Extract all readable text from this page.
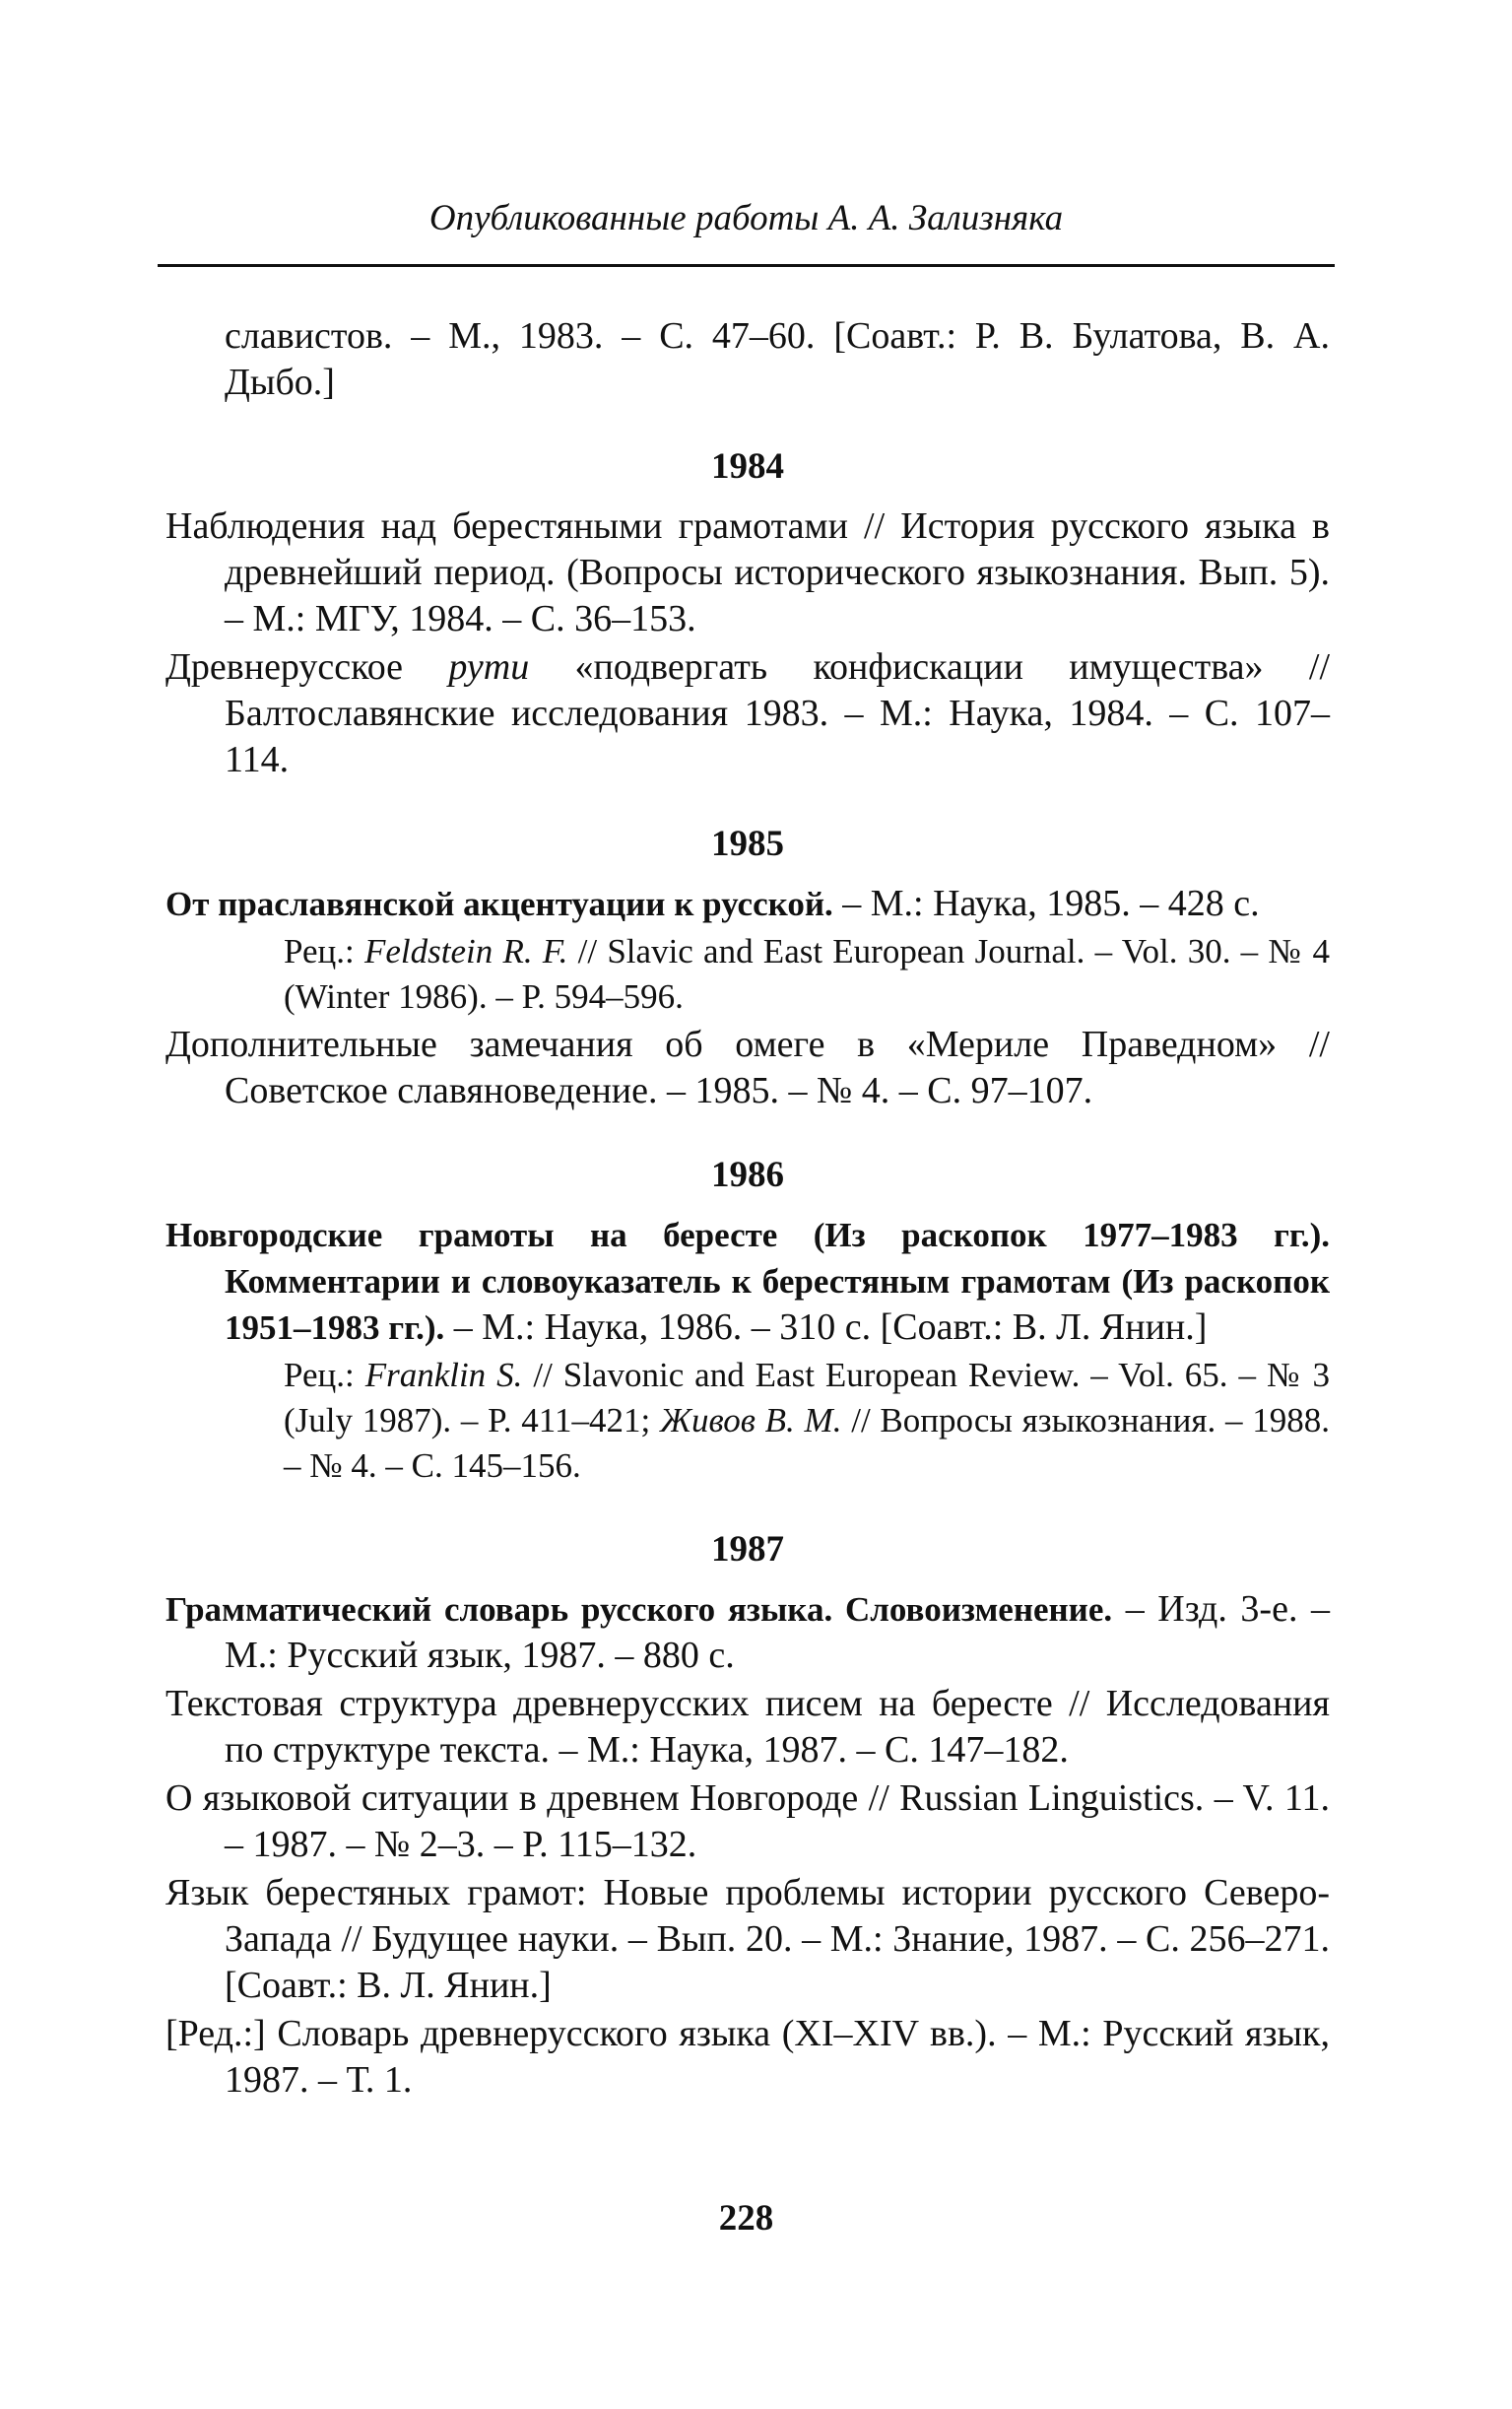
Опубликованные работы А. А. Зализняка
славистов. – М., 1983. – С. 47–60. [Соавт.: Р. В. Булатова, В. А. Дыбо.]
1984
Наблюдения над берестяными грамотами // История русского языка в древнейший период. (Вопросы исторического языкознания. Вып. 5). – М.: МГУ, 1984. – С. 36–153.
Древнерусское рути «подвергать конфискации имущества» // Балтославянские исследования 1983. – М.: Наука, 1984. – С. 107–114.
1985
От праславянской акцентуации к русской. – М.: Наука, 1985. – 428 с.
Рец.: Feldstein R. F. // Slavic and East European Journal. – Vol. 30. – № 4 (Winter 1986). – P. 594–596.
Дополнительные замечания об омеге в «Мериле Праведном» // Советское славяноведение. – 1985. – № 4. – С. 97–107.
1986
Новгородские грамоты на бересте (Из раскопок 1977–1983 гг.). Комментарии и словоуказатель к берестяным грамотам (Из раскопок 1951–1983 гг.). – М.: Наука, 1986. – 310 с. [Соавт.: В. Л. Янин.]
Рец.: Franklin S. // Slavonic and East European Review. – Vol. 65. – № 3 (July 1987). – P. 411–421; Живов В. М. // Вопросы языкознания. – 1988. – № 4. – С. 145–156.
1987
Грамматический словарь русского языка. Словоизменение. – Изд. 3-е. – М.: Русский язык, 1987. – 880 с.
Текстовая структура древнерусских писем на бересте // Исследования по структуре текста. – М.: Наука, 1987. – С. 147–182.
О языковой ситуации в древнем Новгороде // Russian Linguistics. – V. 11. – 1987. – № 2–3. – P. 115–132.
Язык берестяных грамот: Новые проблемы истории русского Северо-Запада // Будущее науки. – Вып. 20. – М.: Знание, 1987. – С. 256–271. [Соавт.: В. Л. Янин.]
[Ред.:] Словарь древнерусского языка (XI–XIV вв.). – М.: Русский язык, 1987. – Т. 1.
228
